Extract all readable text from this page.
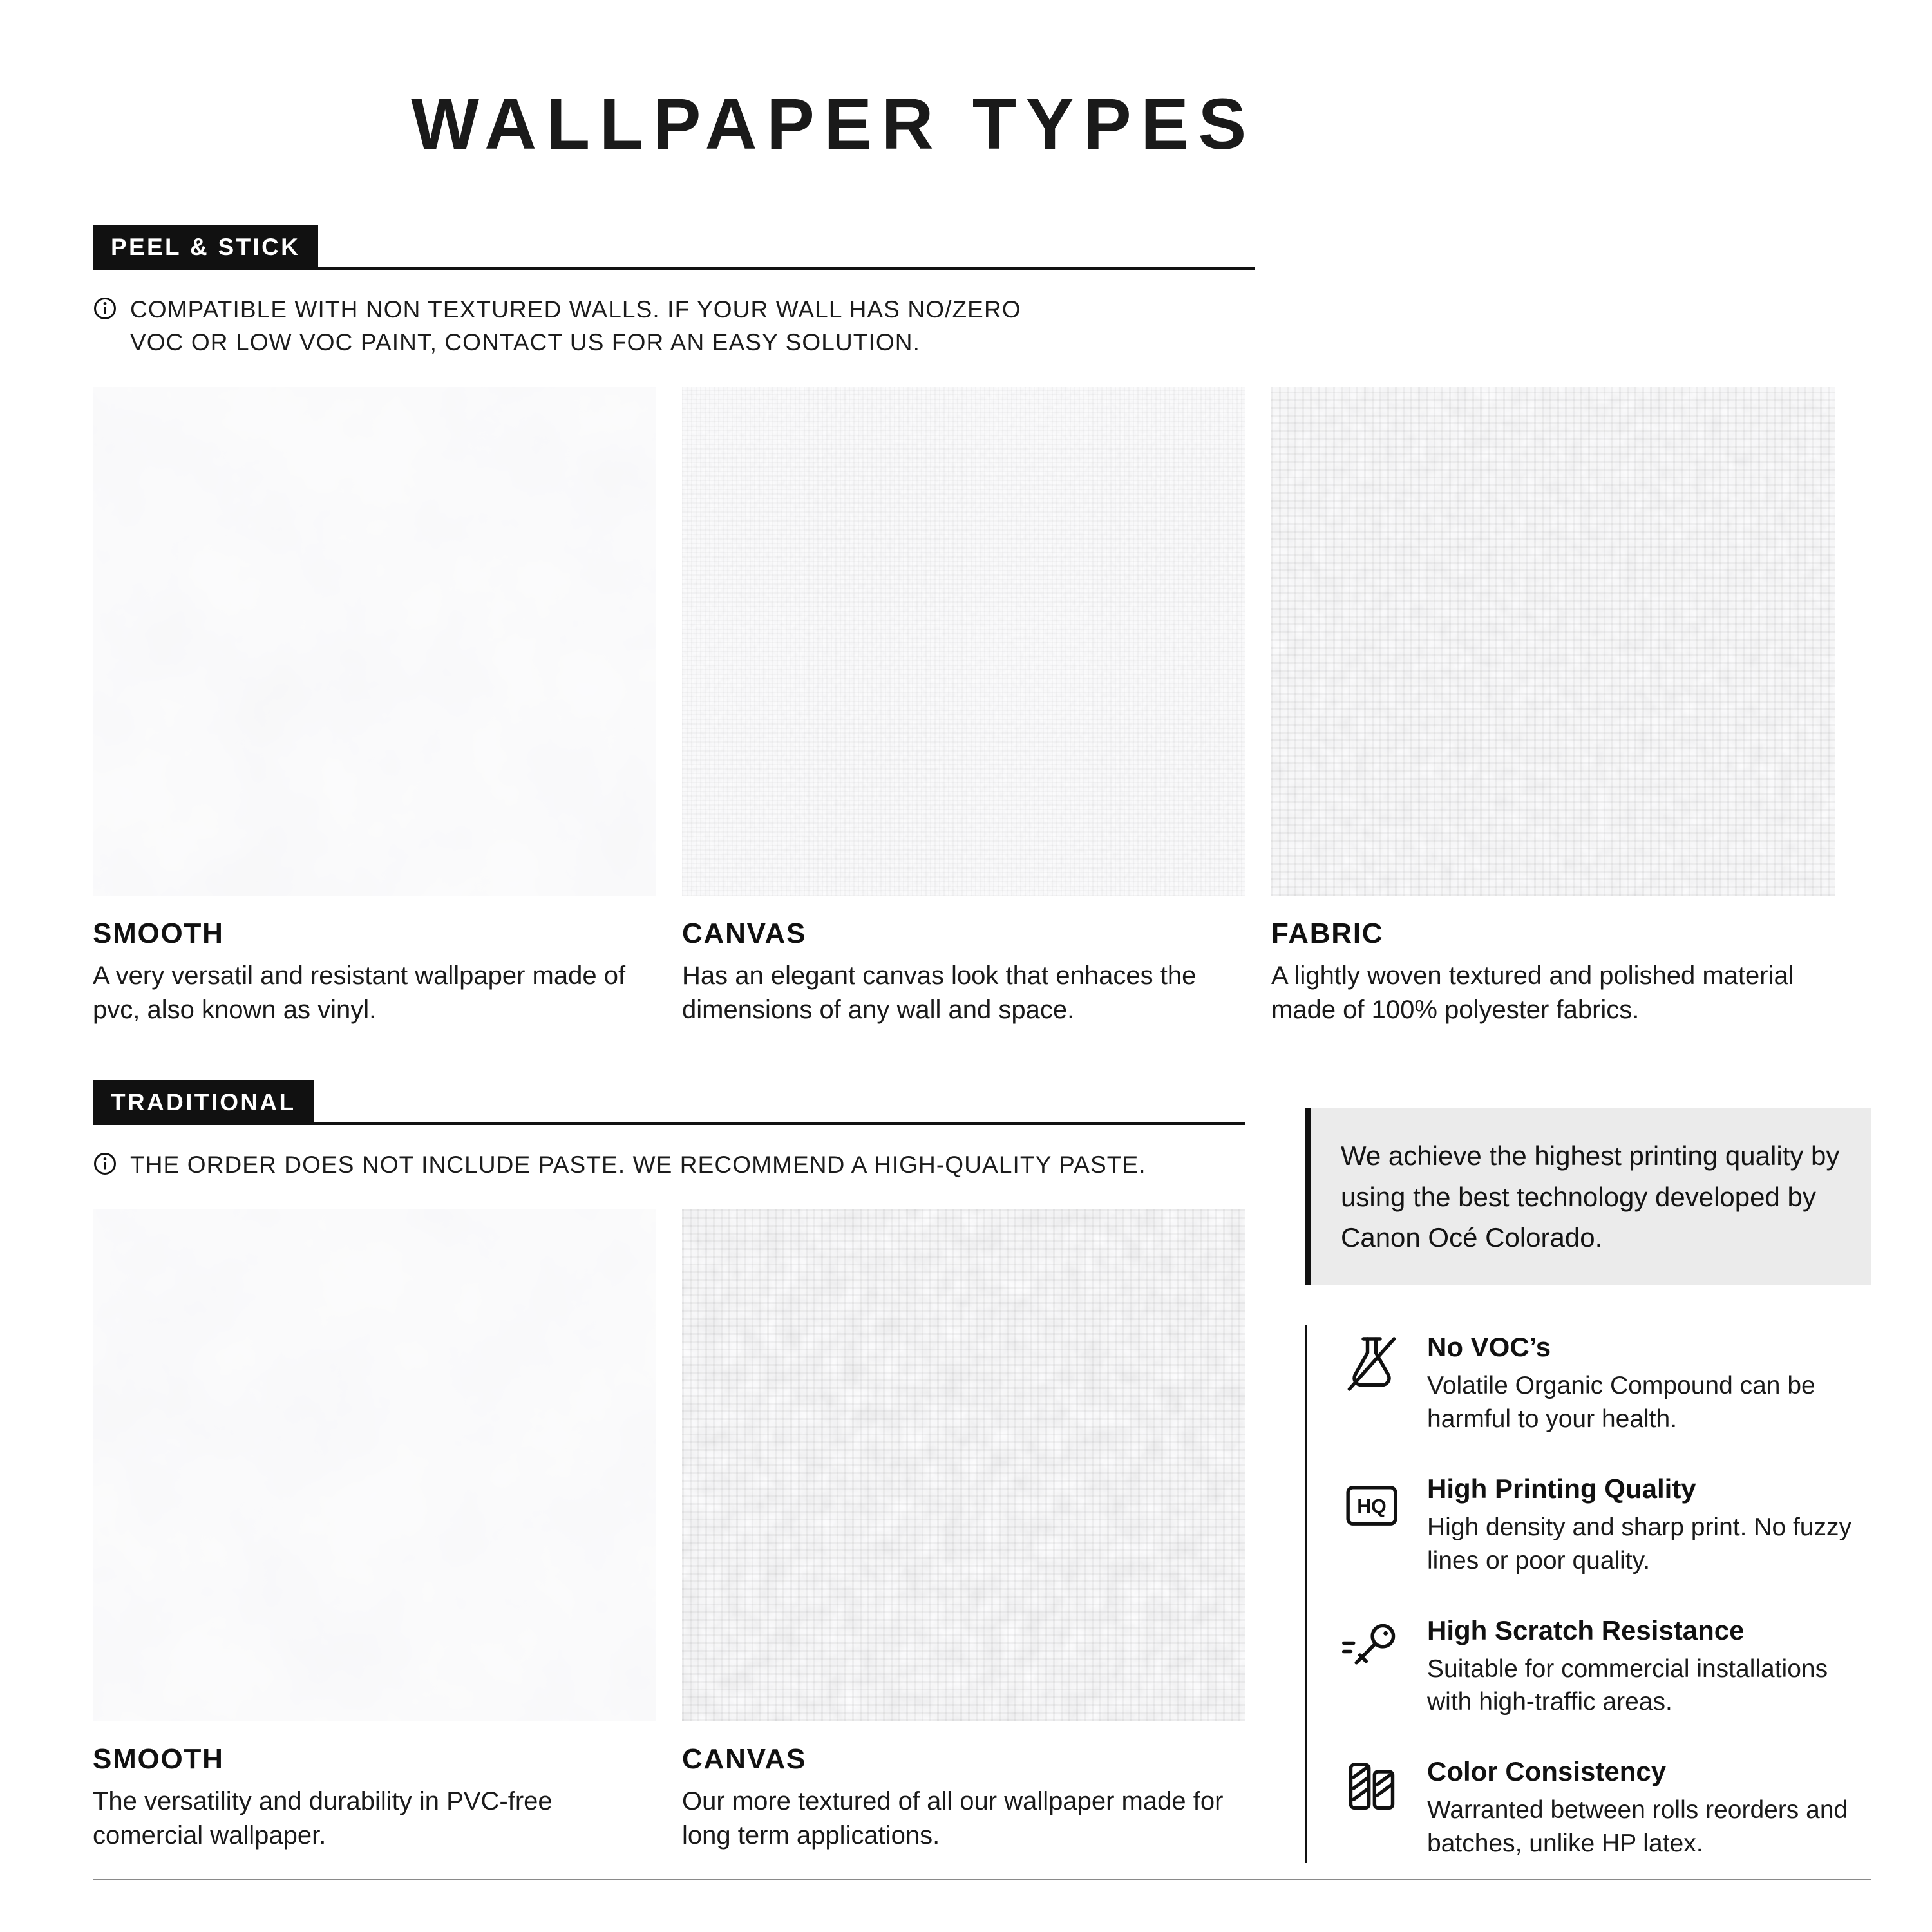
WALLPAPER TYPES
PEEL & STICK
COMPATIBLE WITH NON TEXTURED WALLS. IF YOUR WALL HAS NO/ZERO
VOC OR LOW VOC PAINT, CONTACT US FOR AN EASY SOLUTION.
SMOOTH

A very versatil and resistant wallpaper made of pvc, also known as vinyl.

CANVAS

Has an elegant canvas look that enhaces the dimensions of any wall and space.

FABRIC

A lightly woven textured and polished material made of 100% polyester fabrics.

TRADITIONAL
THE ORDER DOES NOT INCLUDE PASTE. WE RECOMMEND A HIGH-QUALITY PASTE.
SMOOTH

The versatility and durability in PVC-free comercial wallpaper.

CANVAS

Our more textured of all our wallpaper made for long term applications.

We achieve the highest printing quality by using the best technology developed by Canon Océ Colorado.

No VOC’s

Volatile Organic Compound can be harmful to your health.

HQ

High Printing Quality

High density and sharp print. No fuzzy lines or poor quality.

High Scratch Resistance

Suitable for commercial installations with high-traffic areas.

Color Consistency

Warranted between rolls reorders and batches, unlike HP latex.
